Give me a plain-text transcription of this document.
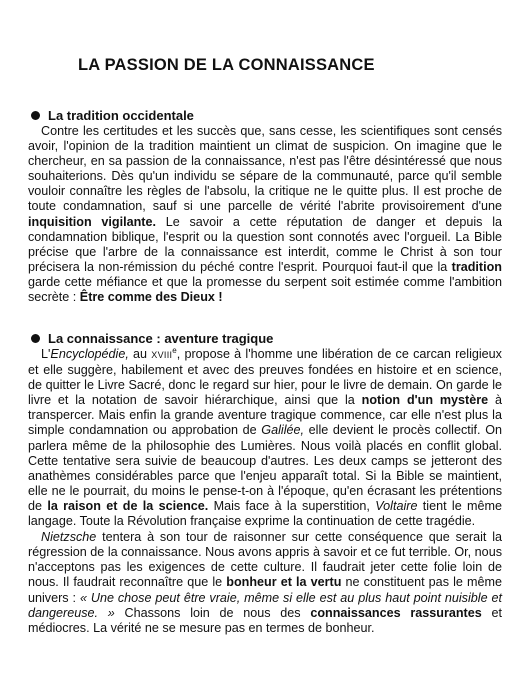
LA PASSION DE LA CONNAISSANCE
La tradition occidentale

Contre les certitudes et les succès que, sans cesse, les scientifiques sont censés avoir, l'opinion de la tradition maintient un climat de suspicion. On imagine que le chercheur, en sa passion de la connaissance, n'est pas l'être désintéressé que nous souhaiterions. Dès qu'un individu se sépare de la communauté, parce qu'il semble vouloir connaître les règles de l'absolu, la critique ne le quitte plus. Il est proche de toute condamnation, sauf si une parcelle de vérité l'abrite provisoirement d'une inquisition vigilante. Le savoir a cette réputation de danger et depuis la condamnation biblique, l'esprit ou la question sont connotés avec l'orgueil. La Bible précise que l'arbre de la connaissance est interdit, comme le Christ à son tour précisera la non-rémission du péché contre l'esprit. Pourquoi faut-il que la tradition garde cette méfiance et que la promesse du serpent soit estimée comme l'ambition secrète : Être comme des Dieux !

La connaissance : aventure tragique

L'Encyclopédie, au XVIIIe, propose à l'homme une libération de ce carcan religieux et elle suggère, habilement et avec des preuves fondées en histoire et en science, de quitter le Livre Sacré, donc le regard sur hier, pour le livre de demain. On garde le livre et la notation de savoir hiérarchique, ainsi que la notion d'un mystère à transpercer. Mais enfin la grande aventure tragique commence, car elle n'est plus la simple condamnation ou approbation de Galilée, elle devient le procès collectif. On parlera même de la philosophie des Lumières. Nous voilà placés en conflit global. Cette tentative sera suivie de beaucoup d'autres. Les deux camps se jetteront des anathèmes considérables parce que l'enjeu apparaît total. Si la Bible se maintient, elle ne le pourrait, du moins le pense-t-on à l'époque, qu'en écrasant les prétentions de la raison et de la science. Mais face à la superstition, Voltaire tient le même langage. Toute la Révolution française exprime la continuation de cette tragédie.

Nietzsche tentera à son tour de raisonner sur cette conséquence que serait la régression de la connaissance. Nous avons appris à savoir et ce fut terrible. Or, nous n'acceptons pas les exigences de cette culture. Il faudrait jeter cette folie loin de nous. Il faudrait reconnaître que le bonheur et la vertu ne constituent pas le même univers : « Une chose peut être vraie, même si elle est au plus haut point nuisible et dangereuse. » Chassons loin de nous des connaissances rassurantes et médiocres. La vérité ne se mesure pas en termes de bonheur.
